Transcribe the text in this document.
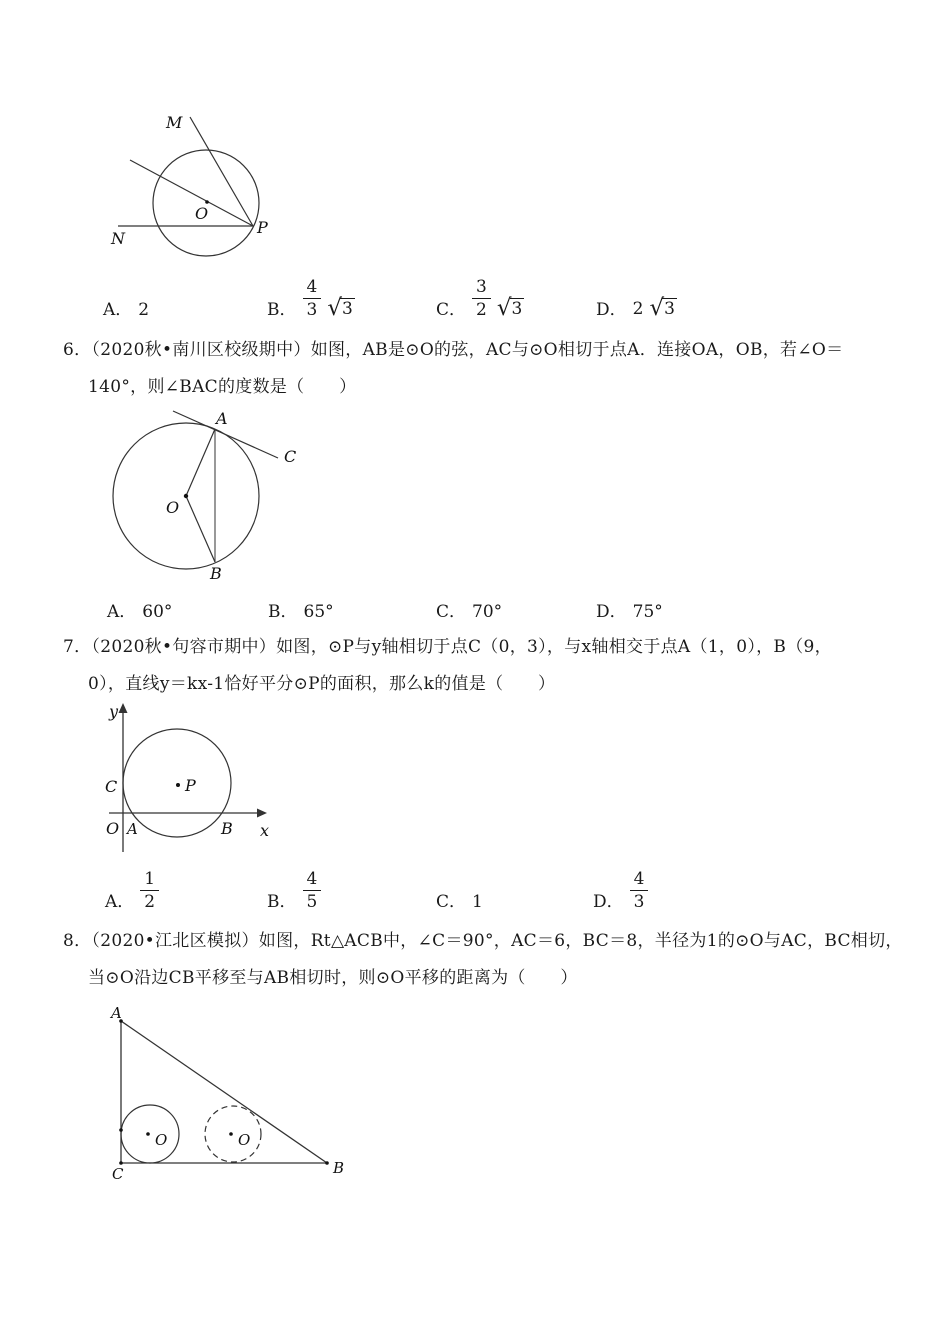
M
N
P
O
A． 2	B． $\frac{4}{3}$ √ 3	C． $\frac{3}{2}$ √ 3	D． 2 √ 3
6．（2020秋•南川区校级期中）如图，AB是⊙O的弦，AC与⊙O相切于点A．连接OA，OB，若∠O＝
140°，则∠BAC的度数是（　　）
A
B
C
O
A． 60°	B． 65°	C． 70°	D． 75°
7．（2020秋•句容市期中）如图，⊙P与y轴相切于点C（0，3），与x轴相交于点A（1，0），B（9，
0），直线y＝kx-1恰好平分⊙P的面积，那么k的值是（　　）
y
x
O A	B
C	P
A． $\frac{1}{2}$	B． $\frac{4}{5}$	C． 1	D． $\frac{4}{3}$
8．（2020•江北区模拟）如图，Rt△ACB中，∠C＝90°，AC＝6，BC＝8，半径为1的⊙O与AC，BC相切，
当⊙O沿边CB平移至与AB相切时，则⊙O平移的距离为（　　）
A
C	B
O	O
